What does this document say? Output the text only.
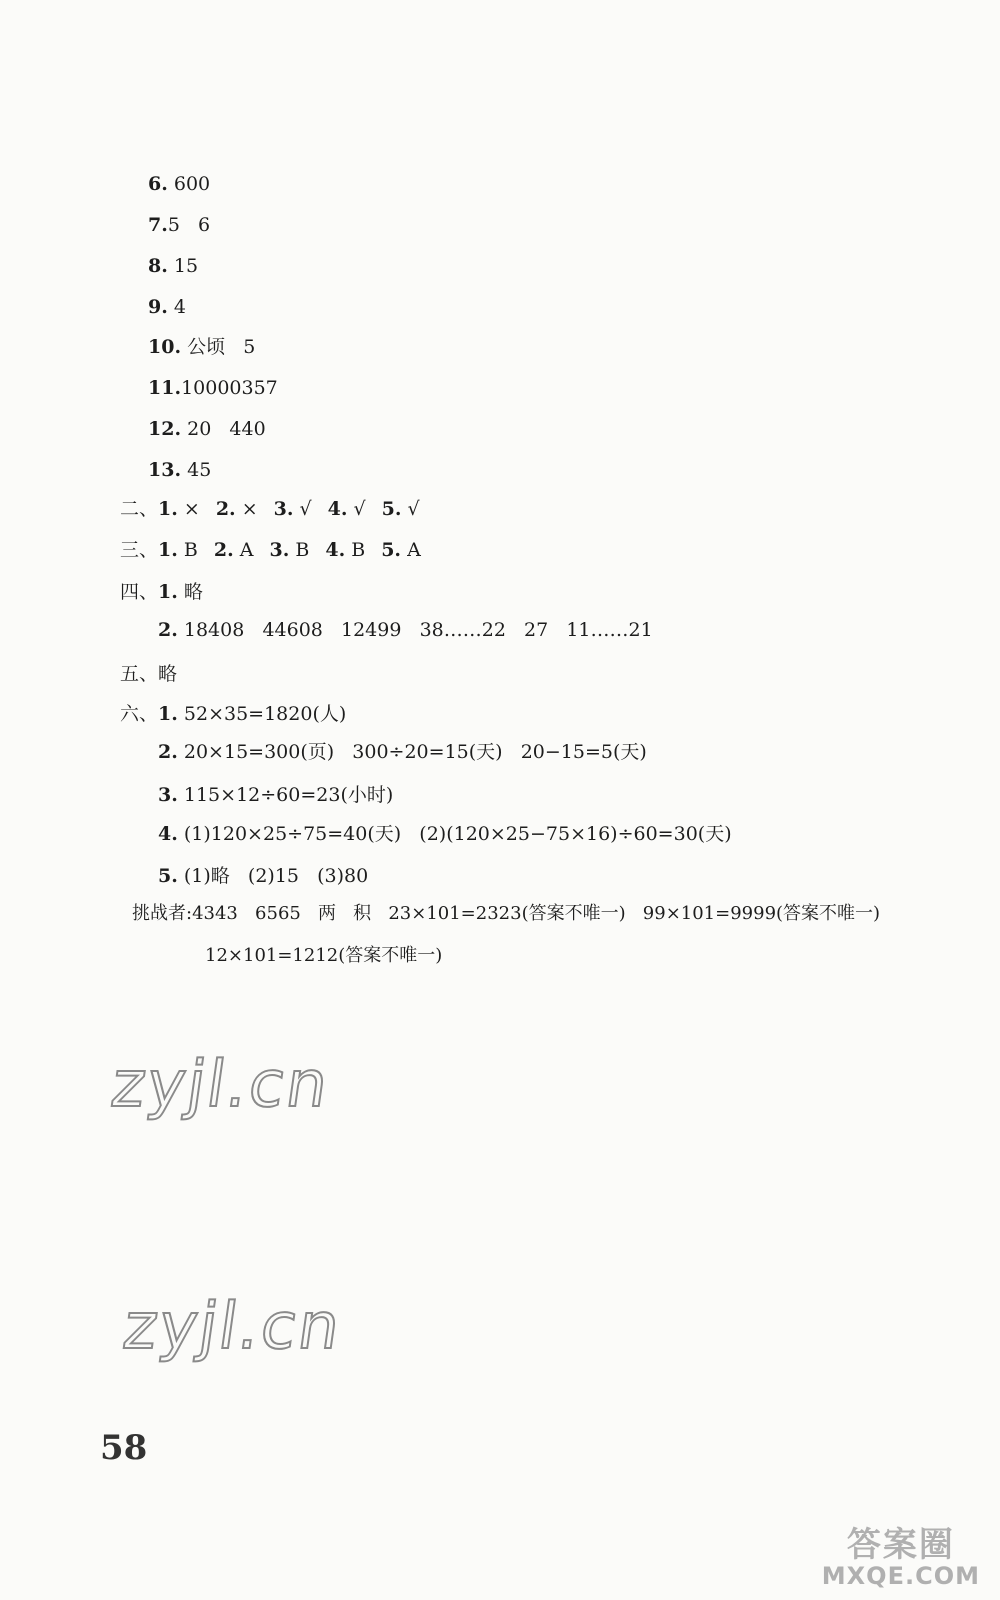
6. 600
7.5   6
8. 15
9. 4
10. 公顷   5
11.10000357
12. 20   440
13. 45
二、1. × 2. × 3. √ 4. √ 5. √
三、1. B 2. A 3. B 4. B 5. A
四、1. 略
2. 18408   44608   12499   38……22   27   11……21
五、略
六、1. 52×35=1820(人)
2. 20×15=300(页)   300÷20=15(天)   20−15=5(天)
3. 115×12÷60=23(小时)
4. (1)120×25÷75=40(天)   (2)(120×25−75×16)÷60=30(天)
5. (1)略   (2)15   (3)80
挑战者:4343   6565   两   积   23×101=2323(答案不唯一)   99×101=9999(答案不唯一)
12×101=1212(答案不唯一)
zyjl.cn
zyjl.cn
58
答案圈
MXQE.COM
